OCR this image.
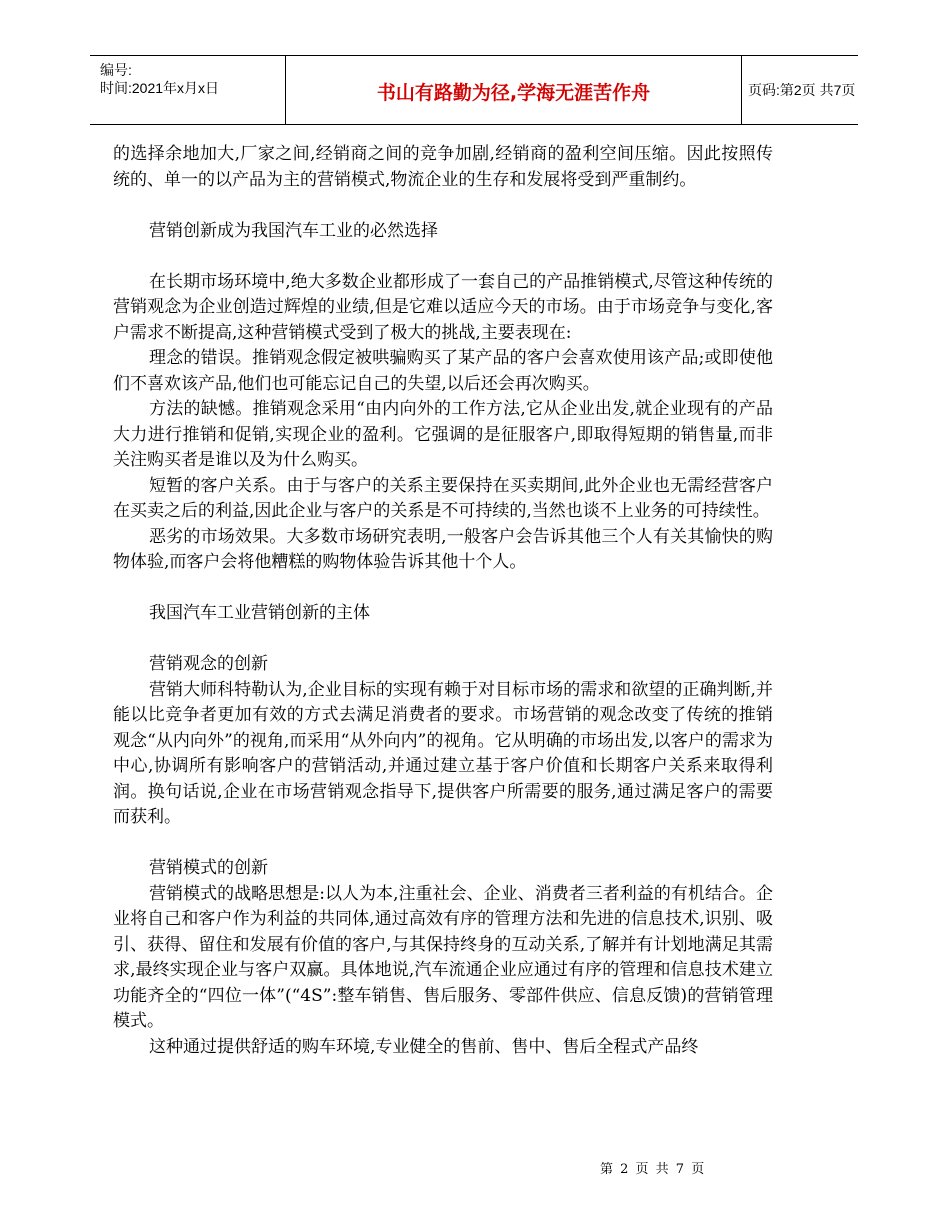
编号:
时间:2021年x月x日	书山有路勤为径,学海无涯苦作舟	页码:第2页 共7页

的选择余地加大,厂家之间,经销商之间的竞争加剧,经销商的盈利空间压缩。因此按照传统的、单一的以产品为主的营销模式,物流企业的生存和发展将受到严重制约。

营销创新成为我国汽车工业的必然选择

在长期市场环境中,绝大多数企业都形成了一套自己的产品推销模式,尽管这种传统的营销观念为企业创造过辉煌的业绩,但是它难以适应今天的市场。由于市场竞争与变化,客户需求不断提高,这种营销模式受到了极大的挑战,主要表现在:

理念的错误。推销观念假定被哄骗购买了某产品的客户会喜欢使用该产品;或即使他们不喜欢该产品,他们也可能忘记自己的失望,以后还会再次购买。

方法的缺憾。推销观念采用“由内向外的工作方法,它从企业出发,就企业现有的产品大力进行推销和促销,实现企业的盈利。它强调的是征服客户,即取得短期的销售量,而非关注购买者是谁以及为什么购买。

短暂的客户关系。由于与客户的关系主要保持在买卖期间,此外企业也无需经营客户在买卖之后的利益,因此企业与客户的关系是不可持续的,当然也谈不上业务的可持续性。

恶劣的市场效果。大多数市场研究表明,一般客户会告诉其他三个人有关其愉快的购物体验,而客户会将他糟糕的购物体验告诉其他十个人。

我国汽车工业营销创新的主体

营销观念的创新

营销大师科特勒认为,企业目标的实现有赖于对目标市场的需求和欲望的正确判断,并能以比竞争者更加有效的方式去满足消费者的要求。市场营销的观念改变了传统的推销观念“从内向外”的视角,而采用“从外向内”的视角。它从明确的市场出发,以客户的需求为中心,协调所有影响客户的营销活动,并通过建立基于客户价值和长期客户关系来取得利润。换句话说,企业在市场营销观念指导下,提供客户所需要的服务,通过满足客户的需要而获利。

营销模式的创新

营销模式的战略思想是:以人为本,注重社会、企业、消费者三者利益的有机结合。企业将自己和客户作为利益的共同体,通过高效有序的管理方法和先进的信息技术,识别、吸引、获得、留住和发展有价值的客户,与其保持终身的互动关系,了解并有计划地满足其需求,最终实现企业与客户双赢。具体地说,汽车流通企业应通过有序的管理和信息技术建立功能齐全的“四位一体”(“4S”:整车销售、售后服务、零部件供应、信息反馈)的营销管理模式。

这种通过提供舒适的购车环境,专业健全的售前、售中、售后全程式产品终

第 2 页 共 7 页
